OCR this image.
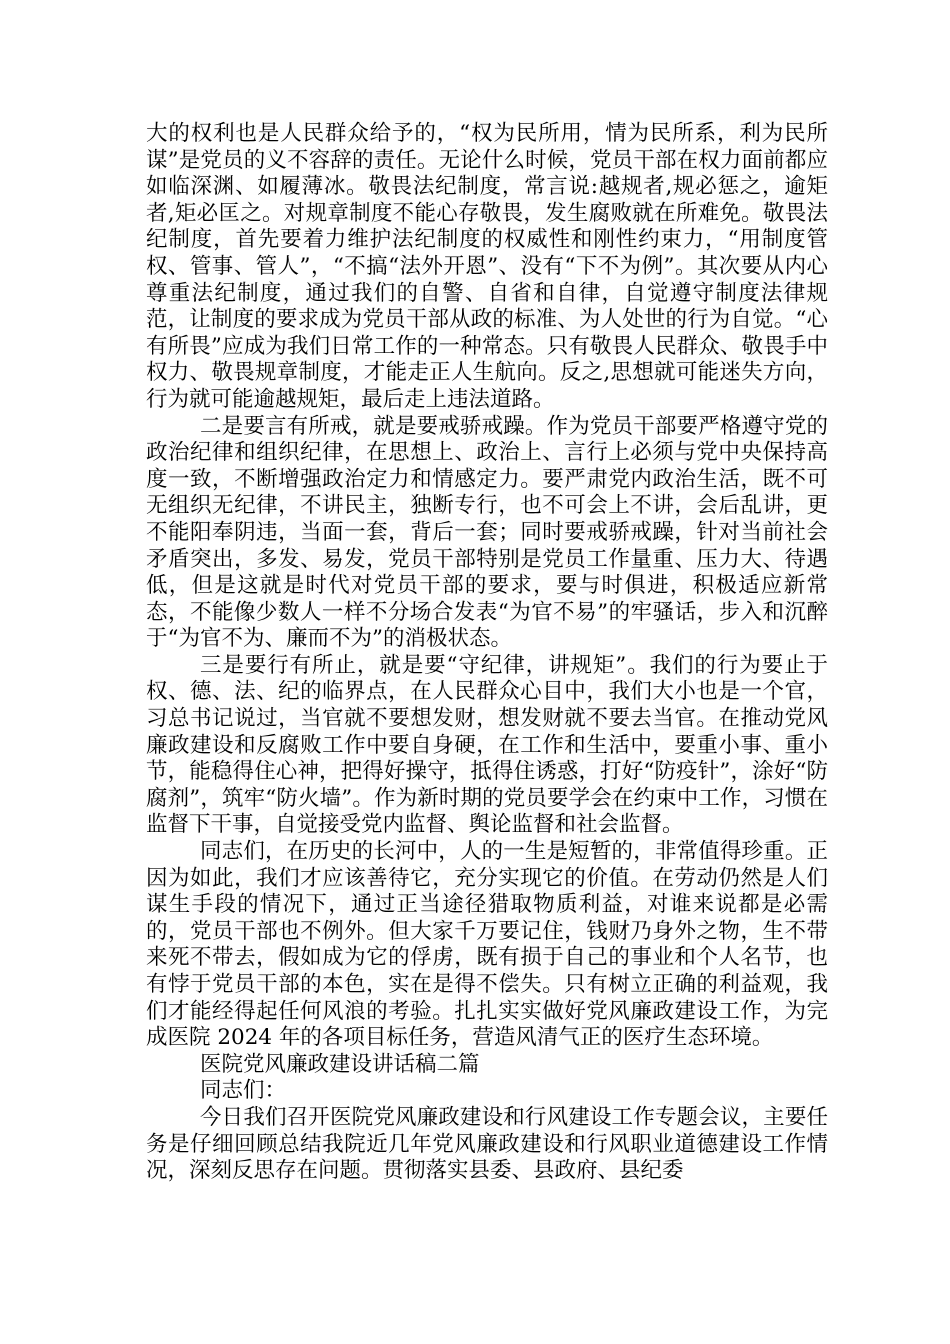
大的权利也是人民群众给予的，“权为民所用，情为民所系，利为民所谋”是党员的义不容辞的责任。无论什么时候，党员干部在权力面前都应如临深渊、如履薄冰。敬畏法纪制度，常言说:越规者,规必惩之，逾矩者,矩必匡之。对规章制度不能心存敬畏，发生腐败就在所难免。敬畏法纪制度，首先要着力维护法纪制度的权威性和刚性约束力，“用制度管权、管事、管人”，“不搞“法外开恩”、没有“下不为例”。其次要从内心尊重法纪制度，通过我们的自警、自省和自律，自觉遵守制度法律规范，让制度的要求成为党员干部从政的标准、为人处世的行为自觉。“心有所畏”应成为我们日常工作的一种常态。只有敬畏人民群众、敬畏手中权力、敬畏规章制度，才能走正人生航向。反之,思想就可能迷失方向，行为就可能逾越规矩，最后走上违法道路。

二是要言有所戒，就是要戒骄戒躁。作为党员干部要严格遵守党的政治纪律和组织纪律，在思想上、政治上、言行上必须与党中央保持高度一致，不断增强政治定力和情感定力。要严肃党内政治生活，既不可无组织无纪律，不讲民主，独断专行，也不可会上不讲，会后乱讲，更不能阳奉阴违，当面一套，背后一套；同时要戒骄戒躁，针对当前社会矛盾突出，多发、易发，党员干部特别是党员工作量重、压力大、待遇低，但是这就是时代对党员干部的要求，要与时俱进，积极适应新常态，不能像少数人一样不分场合发表“为官不易”的牢骚话，步入和沉醉于“为官不为、廉而不为”的消极状态。

三是要行有所止，就是要“守纪律，讲规矩”。我们的行为要止于权、德、法、纪的临界点，在人民群众心目中，我们大小也是一个官，习总书记说过，当官就不要想发财，想发财就不要去当官。在推动党风廉政建设和反腐败工作中要自身硬，在工作和生活中，要重小事、重小节，能稳得住心神，把得好操守，抵得住诱惑，打好“防疫针”，涂好“防腐剂”，筑牢“防火墙”。作为新时期的党员要学会在约束中工作，习惯在监督下干事，自觉接受党内监督、舆论监督和社会监督。

同志们，在历史的长河中，人的一生是短暂的，非常值得珍重。正因为如此，我们才应该善待它，充分实现它的价值。在劳动仍然是人们谋生手段的情况下，通过正当途径猎取物质利益，对谁来说都是必需的，党员干部也不例外。但大家千万要记住，钱财乃身外之物，生不带来死不带去，假如成为它的俘虏，既有损于自己的事业和个人名节，也有悖于党员干部的本色，实在是得不偿失。只有树立正确的利益观，我们才能经得起任何风浪的考验。扎扎实实做好党风廉政建设工作，为完成医院 2024 年的各项目标任务，营造风清气正的医疗生态环境。

医院党风廉政建设讲话稿二篇

同志们：

今日我们召开医院党风廉政建设和行风建设工作专题会议，主要任务是仔细回顾总结我院近几年党风廉政建设和行风职业道德建设工作情况，深刻反思存在问题。贯彻落实县委、县政府、县纪委
